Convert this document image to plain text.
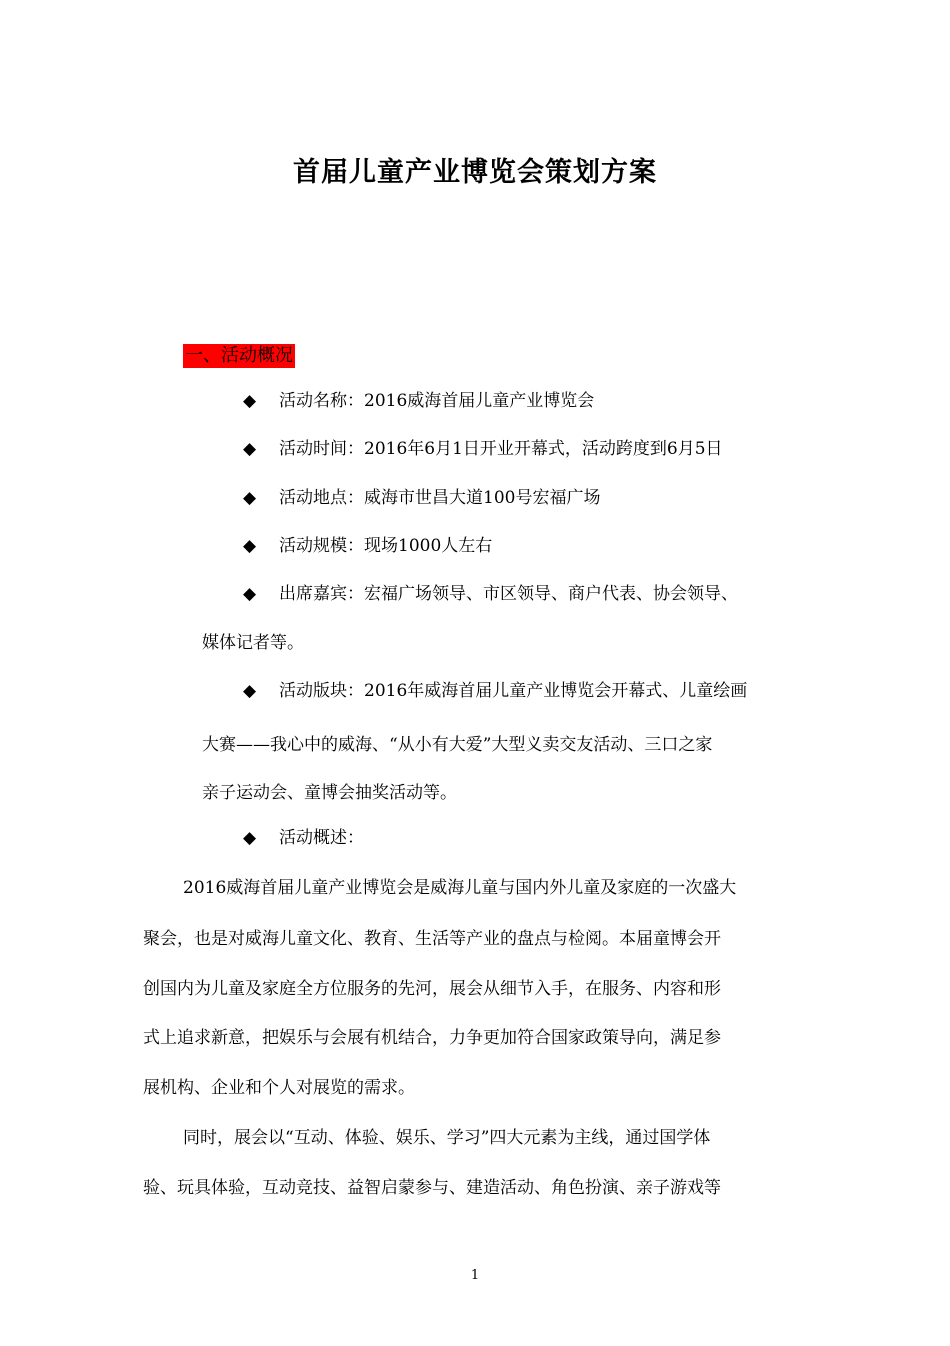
首届儿童产业博览会策划方案
一、活动概况
◆ 活动名称：2016威海首届儿童产业博览会
◆ 活动时间：2016年6月1日开业开幕式，活动跨度到6月5日
◆ 活动地点：威海市世昌大道100号宏福广场
◆ 活动规模：现场1000人左右
◆ 出席嘉宾：宏福广场领导、市区领导、商户代表、协会领导、
媒体记者等。
◆ 活动版块：2016年威海首届儿童产业博览会开幕式、儿童绘画
大赛——我心中的威海、“从小有大爱”大型义卖交友活动、三口之家
亲子运动会、童博会抽奖活动等。
◆ 活动概述：
2016威海首届儿童产业博览会是威海儿童与国内外儿童及家庭的一次盛大
聚会，也是对威海儿童文化、教育、生活等产业的盘点与检阅。本届童博会开
创国内为儿童及家庭全方位服务的先河，展会从细节入手，在服务、内容和形
式上追求新意，把娱乐与会展有机结合，力争更加符合国家政策导向，满足参
展机构、企业和个人对展览的需求。
同时，展会以“互动、体验、娱乐、学习”四大元素为主线，通过国学体
验、玩具体验，互动竞技、益智启蒙参与、建造活动、角色扮演、亲子游戏等
1
